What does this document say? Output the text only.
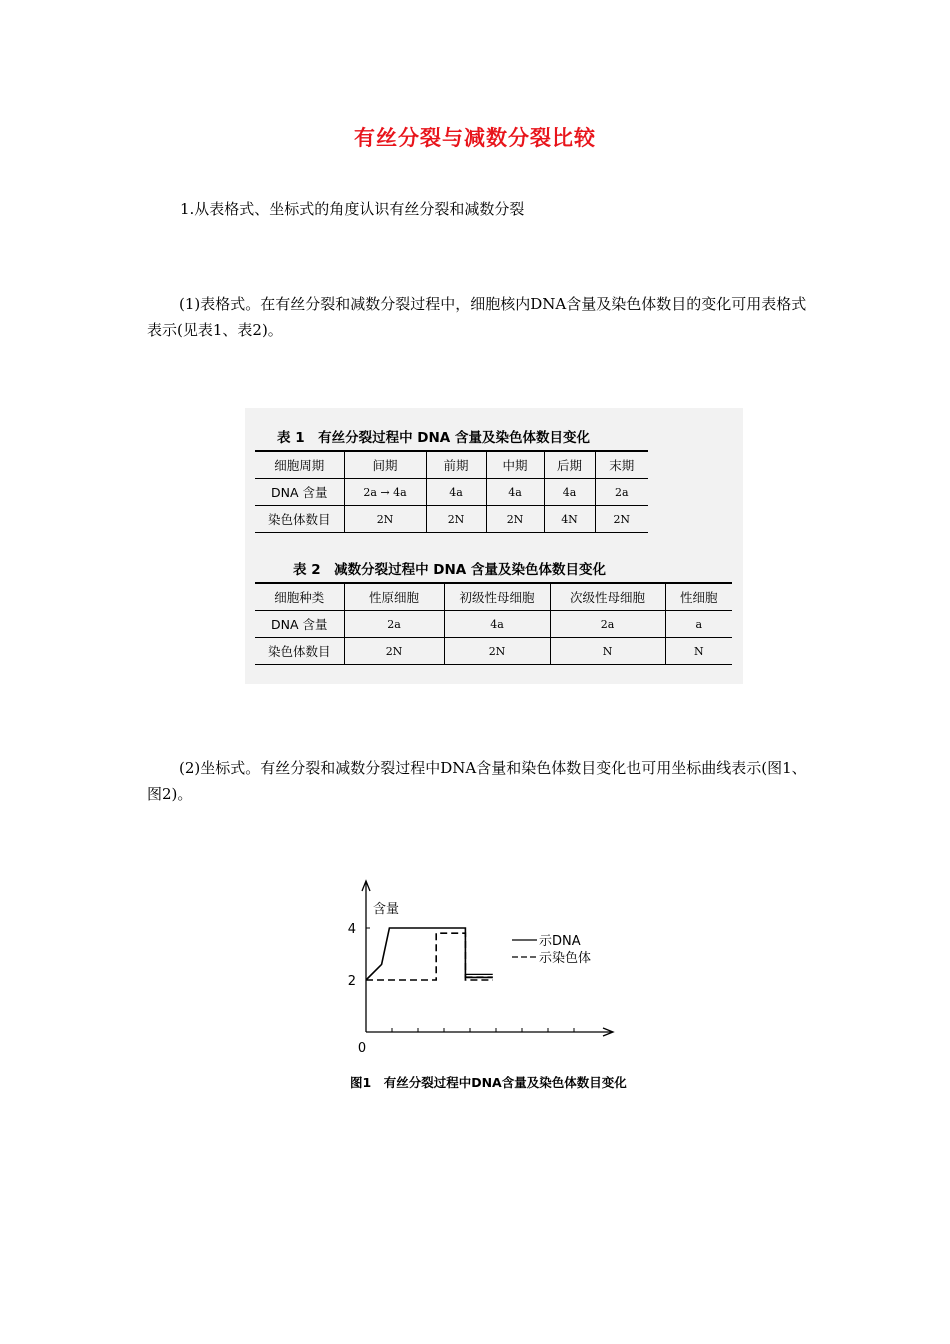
有丝分裂与减数分裂比较
1.从表格式、坐标式的角度认识有丝分裂和减数分裂
(1)表格式。在有丝分裂和减数分裂过程中，细胞核内DNA含量及染色体数目的变化可用表格式表示(见表1、表2)。
表 1　有丝分裂过程中 DNA 含量及染色体数目变化
细胞周期	间期	前期	中期	后期	末期
DNA 含量	2a → 4a	4a	4a	4a	2a
染色体数目	2N	2N	2N	4N	2N
表 2　减数分裂过程中 DNA 含量及染色体数目变化
细胞种类	性原细胞	初级性母细胞	次级性母细胞	性细胞
DNA 含量	2a	4a	2a	a
染色体数目	2N	2N	N	N
(2)坐标式。有丝分裂和减数分裂过程中DNA含量和染色体数目变化也可用坐标曲线表示(图1、图2)。
2
4
0
含量
示DNA
示染色体
图1　有丝分裂过程中DNA含量及染色体数目变化
